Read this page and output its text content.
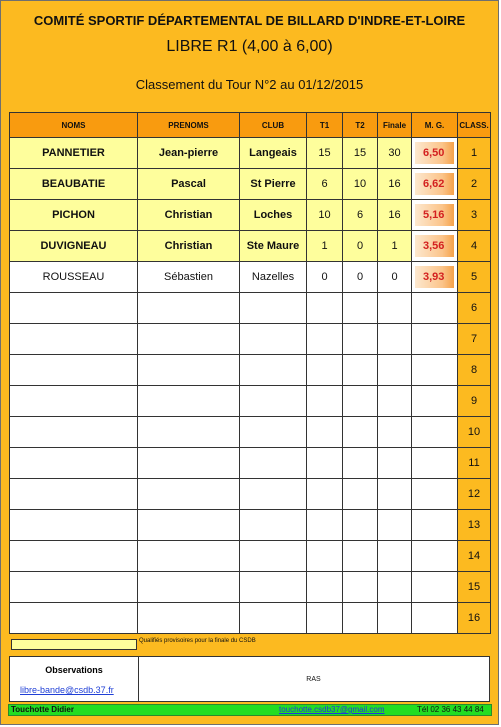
COMITÉ SPORTIF DÉPARTEMENTAL DE BILLARD D'INDRE-ET-LOIRE
LIBRE R1 (4,00 à 6,00)
Classement du Tour N°2 au 01/12/2015
NOMS	PRENOMS	CLUB	T1	T2	Finale	M. G.	CLASS.
PANNETIER	Jean-pierre	Langeais	15	15	30	6,50	1
BEAUBATIE	Pascal	St Pierre	6	10	16	6,62	2
PICHON	Christian	Loches	10	6	16	5,16	3
DUVIGNEAU	Christian	Ste Maure	1	0	1	3,56	4
ROUSSEAU	Sébastien	Nazelles	0	0	0	3,93	5
							6
							7
							8
							9
							10
							11
							12
							13
							14
							15
							16
Qualifiés provisoires pour la finale du CSDB
Observations
libre-bande@csdb.37.fr
RAS
Touchotte Didier	touchotte.csdb37@gmail.com	Tél 02 36 43 44 84
